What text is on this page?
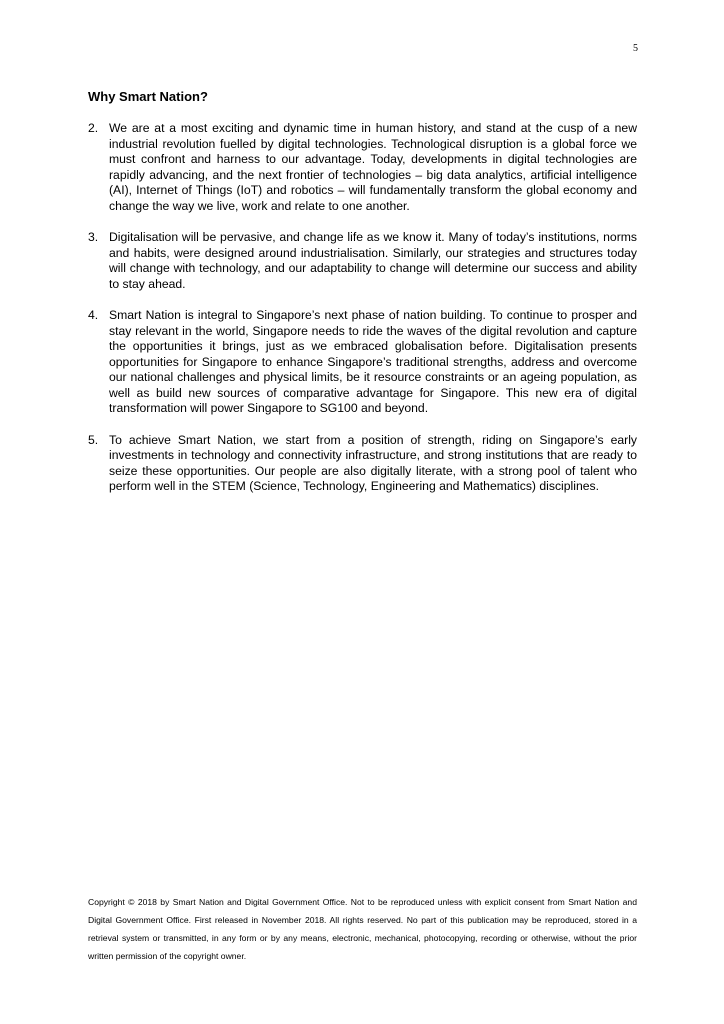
5
Why Smart Nation?
2. We are at a most exciting and dynamic time in human history, and stand at the cusp of a new industrial revolution fuelled by digital technologies. Technological disruption is a global force we must confront and harness to our advantage. Today, developments in digital technologies are rapidly advancing, and the next frontier of technologies – big data analytics, artificial intelligence (AI), Internet of Things (IoT) and robotics – will fundamentally transform the global economy and change the way we live, work and relate to one another.
3. Digitalisation will be pervasive, and change life as we know it. Many of today’s institutions, norms and habits, were designed around industrialisation. Similarly, our strategies and structures today will change with technology, and our adaptability to change will determine our success and ability to stay ahead.
4. Smart Nation is integral to Singapore’s next phase of nation building. To continue to prosper and stay relevant in the world, Singapore needs to ride the waves of the digital revolution and capture the opportunities it brings, just as we embraced globalisation before. Digitalisation presents opportunities for Singapore to enhance Singapore’s traditional strengths, address and overcome our national challenges and physical limits, be it resource constraints or an ageing population, as well as build new sources of comparative advantage for Singapore. This new era of digital transformation will power Singapore to SG100 and beyond.
5. To achieve Smart Nation, we start from a position of strength, riding on Singapore’s early investments in technology and connectivity infrastructure, and strong institutions that are ready to seize these opportunities. Our people are also digitally literate, with a strong pool of talent who perform well in the STEM (Science, Technology, Engineering and Mathematics) disciplines.

Copyright © 2018 by Smart Nation and Digital Government Office. Not to be reproduced unless with explicit consent from Smart Nation and Digital Government Office. First released in November 2018. All rights reserved. No part of this publication may be reproduced, stored in a retrieval system or transmitted, in any form or by any means, electronic, mechanical, photocopying, recording or otherwise, without the prior written permission of the copyright owner.
